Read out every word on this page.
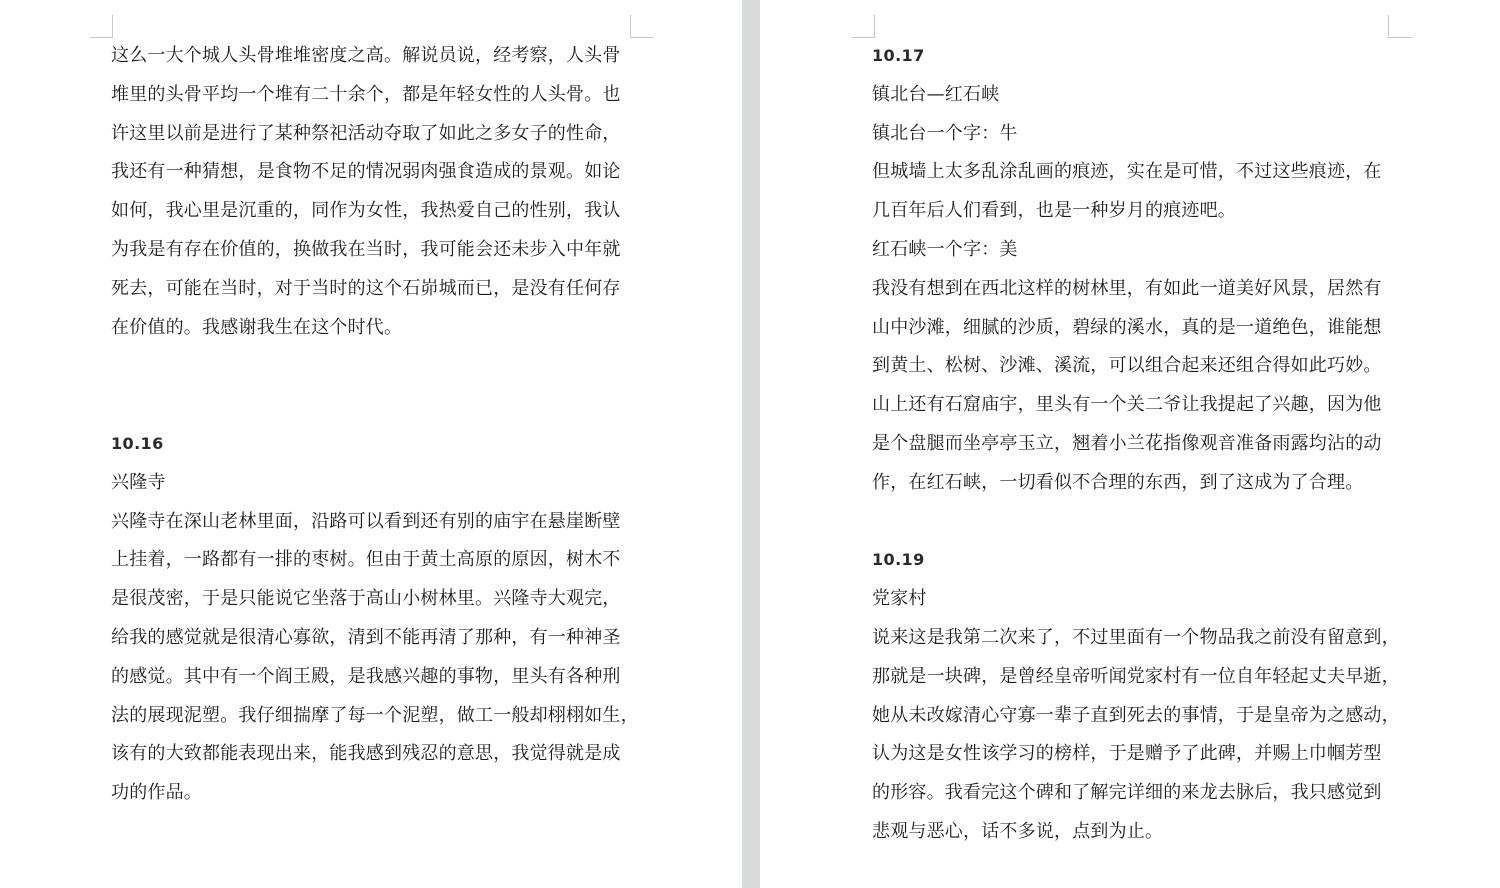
这么一大个城人头骨堆堆密度之高。解说员说，经考察，人头骨
堆里的头骨平均一个堆有二十余个，都是年轻女性的人头骨。也
许这里以前是进行了某种祭祀活动夺取了如此之多女子的性命，
我还有一种猜想，是食物不足的情况弱肉强食造成的景观。如论
如何，我心里是沉重的，同作为女性，我热爱自己的性别，我认
为我是有存在价值的，换做我在当时，我可能会还未步入中年就
死去，可能在当时，对于当时的这个石峁城而已，是没有任何存
在价值的。我感谢我生在这个时代。
10.16
兴隆寺
兴隆寺在深山老林里面，沿路可以看到还有别的庙宇在悬崖断壁
上挂着，一路都有一排的枣树。但由于黄土高原的原因，树木不
是很茂密，于是只能说它坐落于高山小树林里。兴隆寺大观完，
给我的感觉就是很清心寡欲，清到不能再清了那种，有一种神圣
的感觉。其中有一个阎王殿，是我感兴趣的事物，里头有各种刑
法的展现泥塑。我仔细揣摩了每一个泥塑，做工一般却栩栩如生，
该有的大致都能表现出来，能我感到残忍的意思，我觉得就是成
功的作品。
10.17
镇北台—红石峡
镇北台一个字：牛
但城墙上太多乱涂乱画的痕迹，实在是可惜，不过这些痕迹，在
几百年后人们看到，也是一种岁月的痕迹吧。
红石峡一个字：美
我没有想到在西北这样的树林里，有如此一道美好风景，居然有
山中沙滩，细腻的沙质，碧绿的溪水，真的是一道绝色，谁能想
到黄土、松树、沙滩、溪流，可以组合起来还组合得如此巧妙。
山上还有石窟庙宇，里头有一个关二爷让我提起了兴趣，因为他
是个盘腿而坐亭亭玉立，翘着小兰花指像观音准备雨露均沾的动
作，在红石峡，一切看似不合理的东西，到了这成为了合理。
10.19
党家村
说来这是我第二次来了，不过里面有一个物品我之前没有留意到，
那就是一块碑，是曾经皇帝听闻党家村有一位自年轻起丈夫早逝，
她从未改嫁清心守寡一辈子直到死去的事情，于是皇帝为之感动，
认为这是女性该学习的榜样，于是赠予了此碑，并赐上巾帼芳型
的形容。我看完这个碑和了解完详细的来龙去脉后，我只感觉到
悲观与恶心，话不多说，点到为止。
